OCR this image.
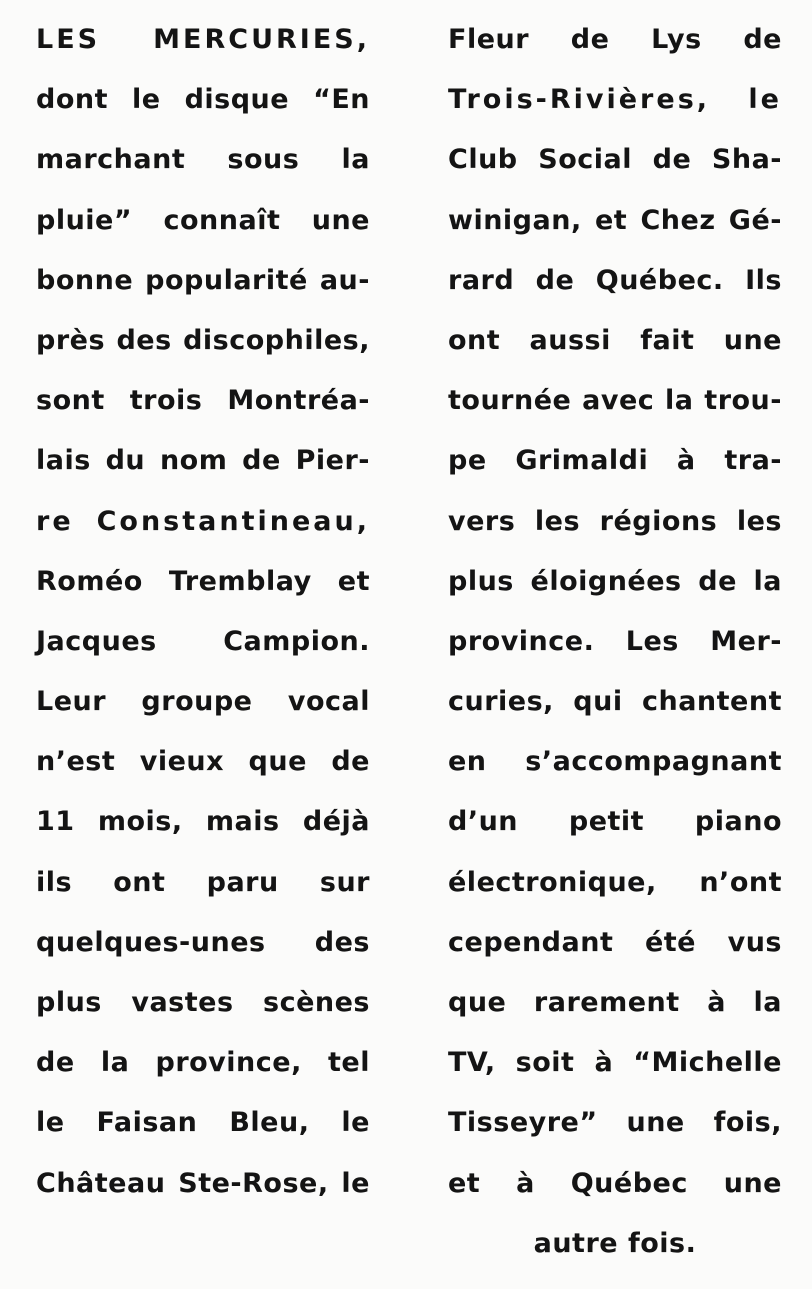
LES MERCURIES,
dont le disque “En
marchant sous la
pluie” connaît une
bonne popularité au-
près des discophiles,
sont trois Montréa-
lais du nom de Pier-
re Constantineau,
Roméo Tremblay et
Jacques Campion.
Leur groupe vocal
n’est vieux que de
11 mois, mais déjà
ils ont paru sur
quelques-unes des
plus vastes scènes
de la province, tel
le Faisan Bleu, le
Château Ste-Rose, le
Fleur de Lys de
Trois-Rivières, le
Club Social de Sha-
winigan, et Chez Gé-
rard de Québec. Ils
ont aussi fait une
tournée avec la trou-
pe Grimaldi à tra-
vers les régions les
plus éloignées de la
province. Les Mer-
curies, qui chantent
en s’accompagnant
d’un petit piano
électronique, n’ont
cependant été vus
que rarement à la
TV, soit à “Michelle
Tisseyre” une fois,
et à Québec une
autre fois.
